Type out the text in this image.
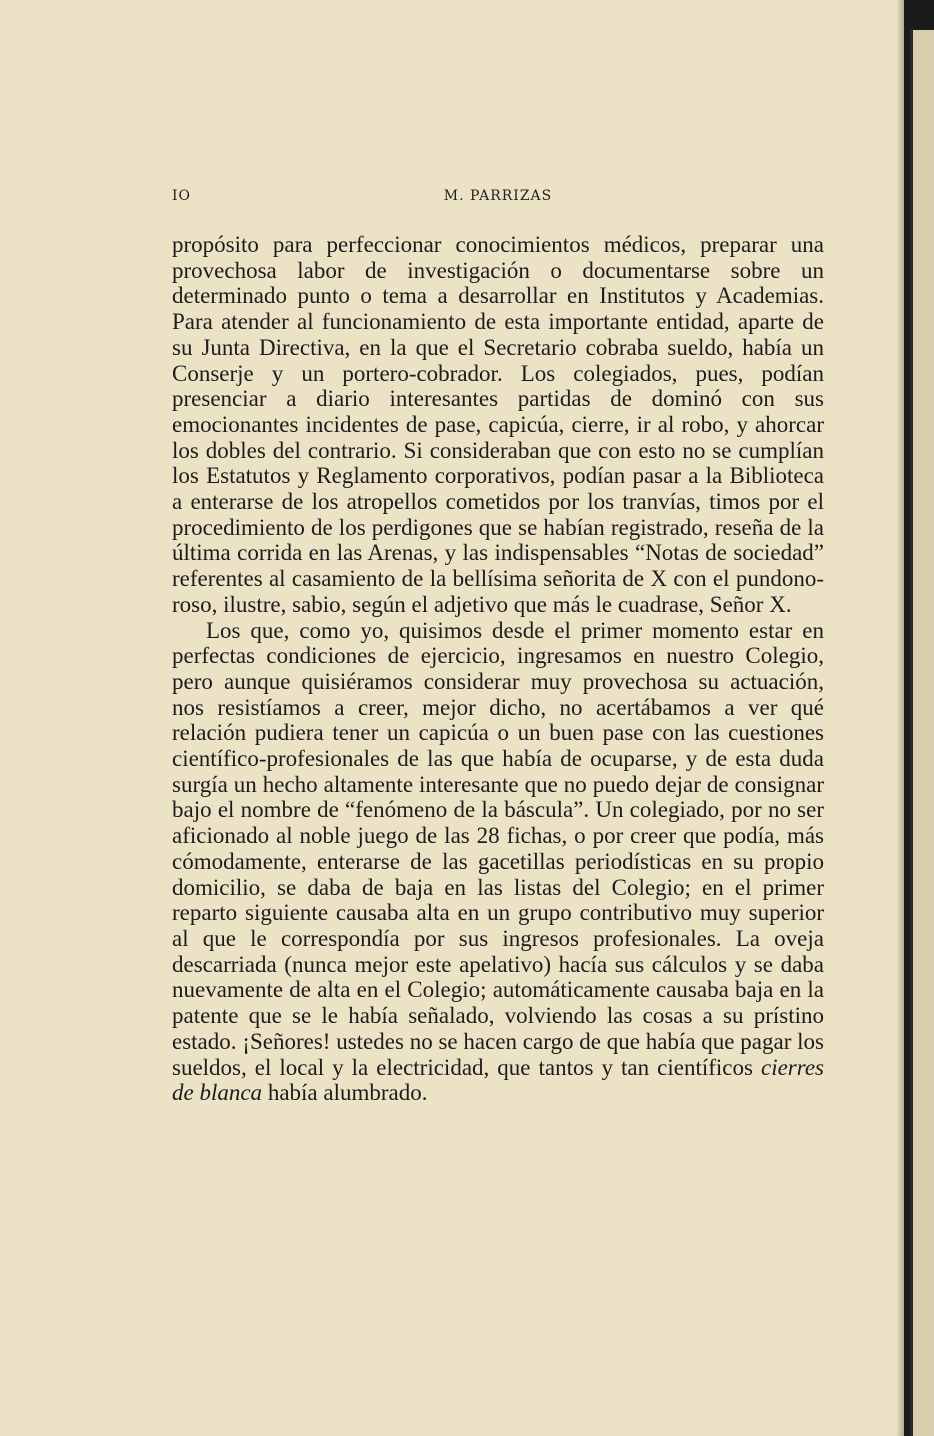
IO	M. PARRIZAS

propósito para perfeccionar conocimientos médicos, preparar una provechosa labor de investigación o documentarse sobre un determinado punto o tema a desarrollar en Institutos y Academias. Para atender al funcionamiento de esta importante entidad, aparte de su Junta Directiva, en la que el Secretario cobraba sueldo, había un Conserje y un portero-cobrador. Los colegiados, pues, podían presenciar a diario interesantes partidas de dominó con sus emocionantes incidentes de pase, capicúa, cierre, ir al robo, y ahorcar los dobles del contrario. Si consideraban que con esto no se cumplían los Estatutos y Reglamento corporativos, podían pasar a la Biblioteca a enterarse de los atropellos cometidos por los tranvías, timos por el procedimiento de los perdigones que se habían registrado, reseña de la última corrida en las Arenas, y las indispensables “Notas de sociedad” referentes al casamiento de la bellísima señorita de X con el pundonoroso, ilustre, sabio, según el adjetivo que más le cuadrase, Señor X.

Los que, como yo, quisimos desde el primer momento estar en perfectas condiciones de ejercicio, ingresamos en nuestro Colegio, pero aunque quisiéramos considerar muy provechosa su actuación, nos resistíamos a creer, mejor dicho, no acertábamos a ver qué relación pudiera tener un capicúa o un buen pase con las cuestiones científico-profesionales de las que había de ocuparse, y de esta duda surgía un hecho altamente interesante que no puedo dejar de consignar bajo el nombre de “fenómeno de la báscula”. Un colegiado, por no ser aficionado al noble juego de las 28 fichas, o por creer que podía, más cómodamente, enterarse de las gacetillas periodísticas en su propio domicilio, se daba de baja en las listas del Colegio; en el primer reparto siguiente causaba alta en un grupo contributivo muy superior al que le correspondía por sus ingresos profesionales. La oveja descarriada (nunca mejor este apelativo) hacía sus cálculos y se daba nuevamente de alta en el Colegio; automáticamente causaba baja en la patente que se le había señalado, volviendo las cosas a su prístino estado. ¡Señores! ustedes no se hacen cargo de que había que pagar los sueldos, el local y la electricidad, que tantos y tan científicos cierres de blanca había alumbrado.
